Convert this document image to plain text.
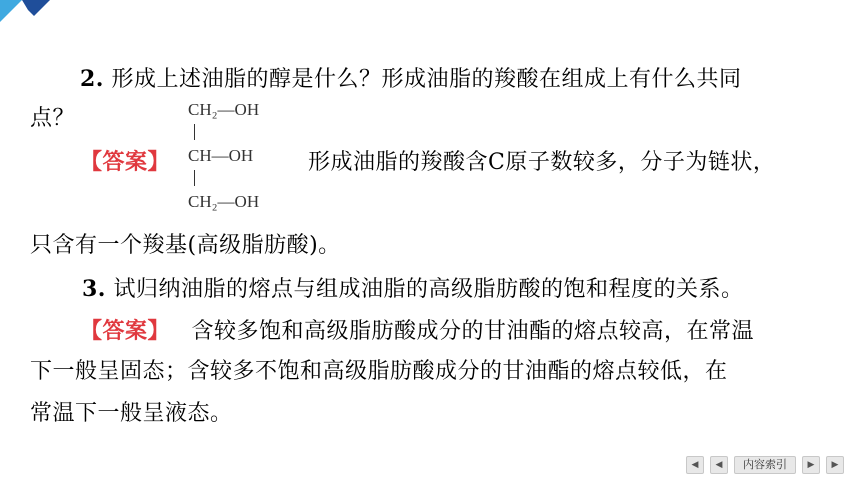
2. 形成上述油脂的醇是什么？形成油脂的羧酸在组成上有什么共同
点？
【答案】
CH₂—OH
CH—OH
CH₂—OH
形成油脂的羧酸含C原子数较多，分子为链状，
只含有一个羧基(高级脂肪酸)。
3. 试归纳油脂的熔点与组成油脂的高级脂肪酸的饱和程度的关系。
【答案】 含较多饱和高级脂肪酸成分的甘油酯的熔点较高，在常温
下一般呈固态；含较多不饱和高级脂肪酸成分的甘油酯的熔点较低，在
常温下一般呈液态。
◀	◀	内容索引	▶	▶
